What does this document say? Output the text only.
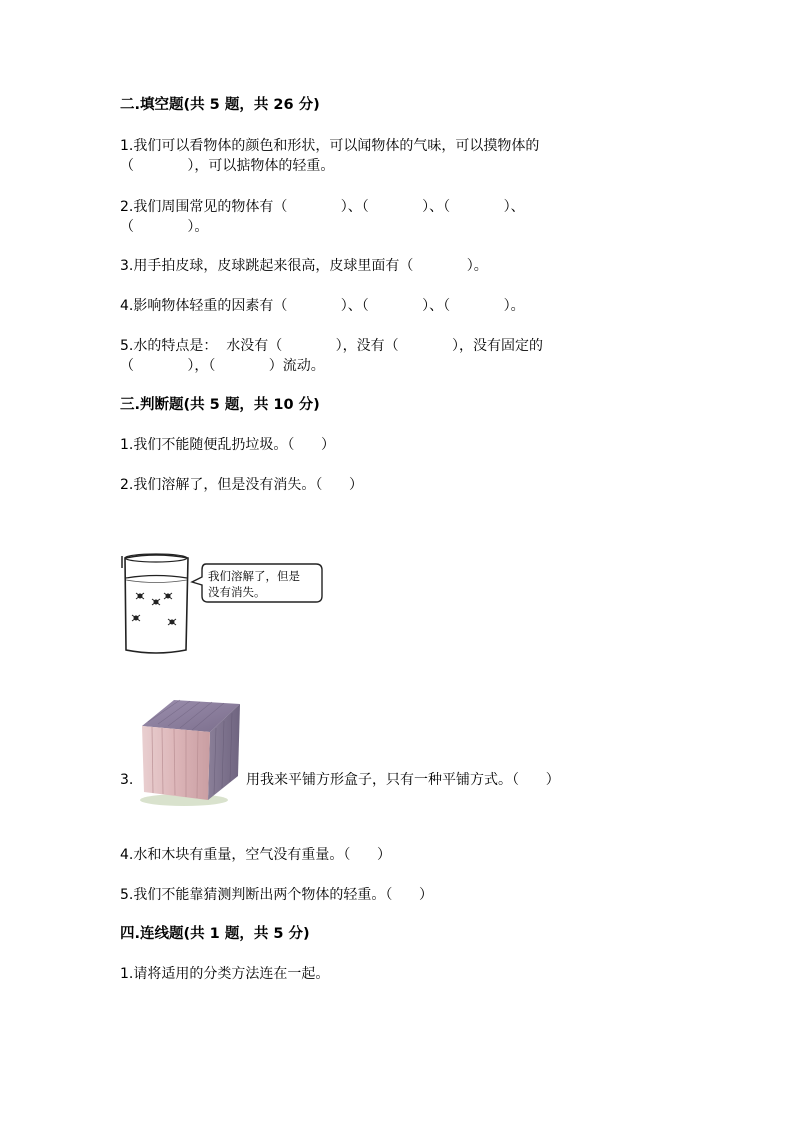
二.填空题(共 5 题，共 26 分)
1.我们可以看物体的颜色和形状，可以闻物体的气味，可以摸物体的
（            ），可以掂物体的轻重。
2.我们周围常见的物体有（            ）、（            ）、（            ）、
（            ）。
3.用手拍皮球，皮球跳起来很高，皮球里面有（            ）。
4.影响物体轻重的因素有（            ）、（            ）、（            ）。
5.水的特点是：  水没有（            ），没有（            ），没有固定的
（            ），（            ）流动。
三.判断题(共 5 题，共 10 分)
1.我们不能随便乱扔垃圾。（      ）
2.我们溶解了，但是没有消失。（      ）
我们溶解了，但是
没有消失。
3.	用我来平铺方形盒子，只有一种平铺方式。（      ）
4.水和木块有重量，空气没有重量。（      ）
5.我们不能靠猜测判断出两个物体的轻重。（      ）
四.连线题(共 1 题，共 5 分)
1.请将适用的分类方法连在一起。
